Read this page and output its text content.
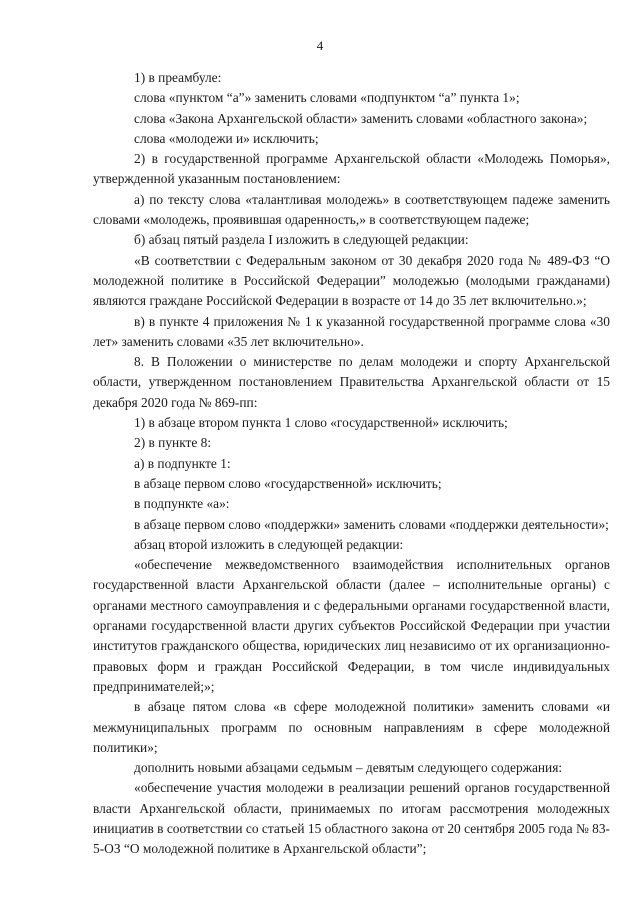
4

1) в преамбуле:

слова «пунктом “а”» заменить словами «подпунктом “а” пункта 1»;

слова «Закона Архангельской области» заменить словами «областного закона»;

слова «молодежи и» исключить;

2) в государственной программе Архангельской области «Молодежь Поморья», утвержденной указанным постановлением:

а) по тексту слова «талантливая молодежь» в соответствующем падеже заменить словами «молодежь, проявившая одаренность,» в соответствующем падеже;

б) абзац пятый раздела I изложить в следующей редакции:

«В соответствии с Федеральным законом от 30 декабря 2020 года № 489-ФЗ “О молодежной политике в Российской Федерации” молодежью (молодыми гражданами) являются граждане Российской Федерации в возрасте от 14 до 35 лет включительно.»;

в) в пункте 4 приложения № 1 к указанной государственной программе слова «30 лет» заменить словами «35 лет включительно».

8. В Положении о министерстве по делам молодежи и спорту Архангельской области, утвержденном постановлением Правительства Архангельской области от 15 декабря 2020 года № 869-пп:

1) в абзаце втором пункта 1 слово «государственной» исключить;

2) в пункте 8:

а) в подпункте 1:

в абзаце первом слово «государственной» исключить;

в подпункте «а»:

в абзаце первом слово «поддержки» заменить словами «поддержки деятельности»;

абзац второй изложить в следующей редакции:

«обеспечение межведомственного взаимодействия исполнительных органов государственной власти Архангельской области (далее – исполнительные органы) с органами местного самоуправления и с федеральными органами государственной власти, органами государственной власти других субъектов Российской Федерации при участии институтов гражданского общества, юридических лиц независимо от их организационно-правовых форм и граждан Российской Федерации, в том числе индивидуальных предпринимателей;»;

в абзаце пятом слова «в сфере молодежной политики» заменить словами «и межмуниципальных программ по основным направлениям в сфере молодежной политики»;

дополнить новыми абзацами седьмым – девятым следующего содержания:

«обеспечение участия молодежи в реализации решений органов государственной власти Архангельской области, принимаемых по итогам рассмотрения молодежных инициатив в соответствии со статьей 15 областного закона от 20 сентября 2005 года № 83-5-ОЗ “О молодежной политике в Архангельской области”;
